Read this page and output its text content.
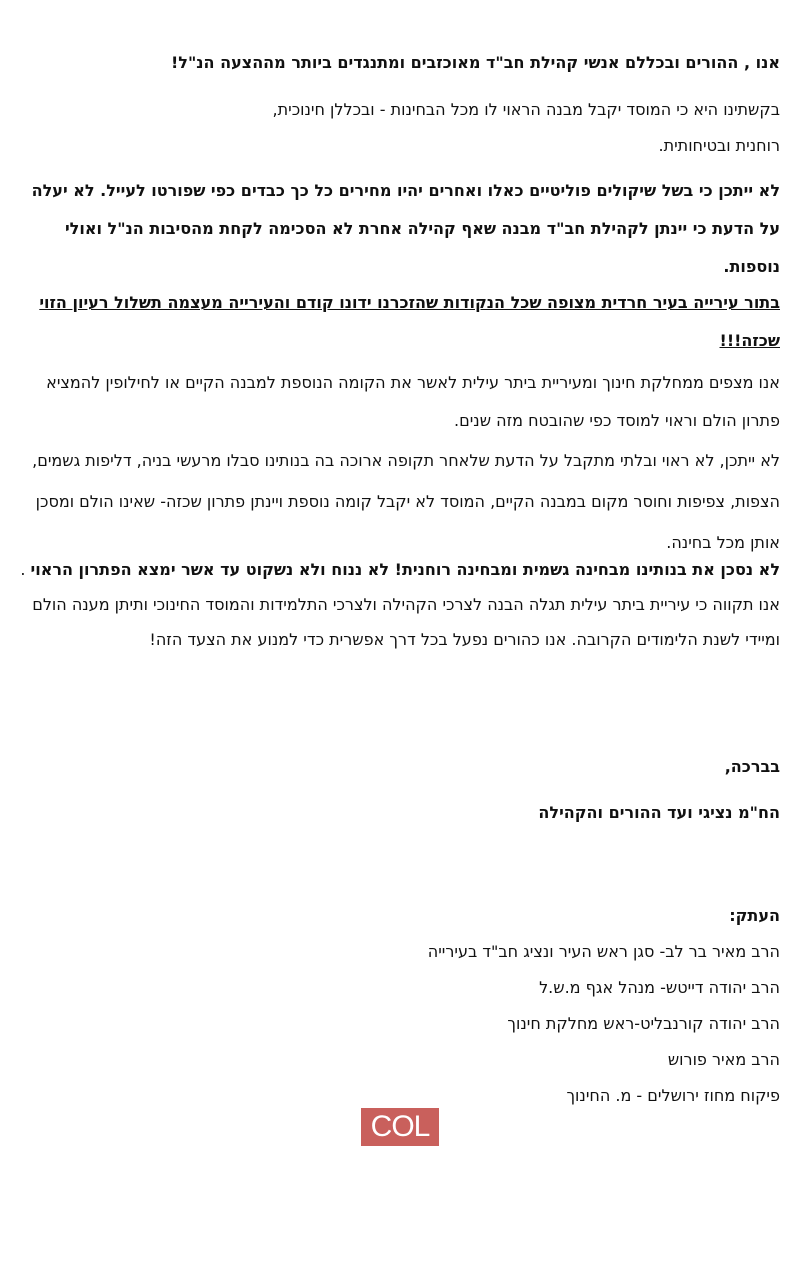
אנו , ההורים ובכללם אנשי קהילת חב"ד מאוכזבים ומתנגדים ביותר מההצעה הנ"ל!

בקשתינו היא כי המוסד יקבל מבנה הראוי לו מכל הבחינות - ובכללן חינוכית,

רוחנית ובטיחותית.

לא ייתכן כי בשל שיקולים פוליטיים כאלו ואחרים יהיו מחירים כל כך כבדים כפי שפורטו לעייל. לא יעלה על הדעת כי יינתן לקהילת חב"ד מבנה שאף קהילה אחרת לא הסכימה לקחת מהסיבות הנ"ל ואולי נוספות.

בתור עירייה בעיר חרדית מצופה שכל הנקודות שהזכרנו ידונו קודם והעירייה מעצמה תשלול רעיון הזוי שכזה!!!

אנו מצפים ממחלקת חינוך ומעיריית ביתר עילית לאשר את הקומה הנוספת למבנה הקיים או לחילופין להמציא פתרון הולם וראוי למוסד כפי שהובטח מזה שנים.

לא ייתכן, לא ראוי ובלתי מתקבל על הדעת שלאחר תקופה ארוכה בה בנותינו סבלו מרעשי בניה, דליפות גשמים, הצפות, צפיפות וחוסר מקום במבנה הקיים, המוסד לא יקבל קומה נוספת ויינתן פתרון שכזה- שאינו הולם ומסכן אותן מכל בחינה.

לא נסכן את בנותינו מבחינה גשמית ומבחינה רוחנית! לא ננוח ולא נשקוט עד אשר ימצא הפתרון הראוי . אנו תקווה כי עיריית ביתר עילית תגלה הבנה לצרכי הקהילה ולצרכי התלמידות והמוסד החינוכי ותיתן מענה הולם ומיידי לשנת הלימודים הקרובה. אנו כהורים נפעל בכל דרך אפשרית כדי למנוע את הצעד הזה!

בברכה,

הח"מ נציגי ועד ההורים והקהילה

העתק:

הרב מאיר בר לב- סגן ראש העיר ונציג חב"ד בעירייה
הרב יהודה דייטש- מנהל אגף מ.ש.ל
הרב יהודה קורנבליט-ראש מחלקת חינוך
הרב מאיר פורוש
פיקוח מחוז ירושלים - מ. החינוך
COL
